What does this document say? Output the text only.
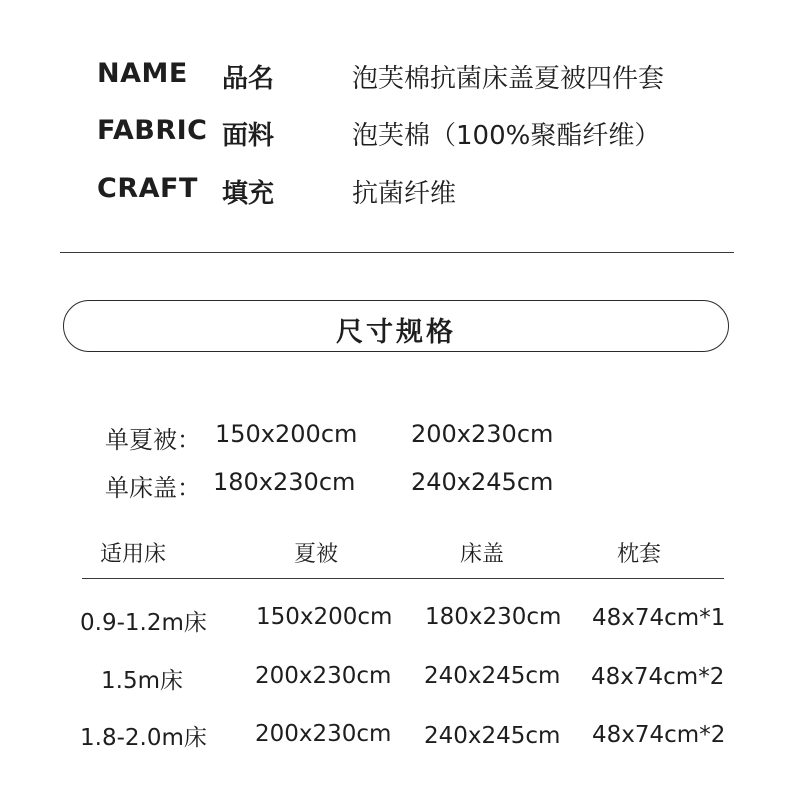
NAME 品名	泡芙棉抗菌床盖夏被四件套
FABRIC 面料	泡芙棉（100%聚酯纤维）
CRAFT 填充	抗菌纤维
尺寸规格
单夏被： 150x200cm 200x230cm
单床盖： 180x230cm 240x245cm
适用床	夏被	床盖	枕套
0.9-1.2m床 150x200cm 180x230cm 48x74cm*1
1.5m床	200x230cm 240x245cm 48x74cm*2
1.8-2.0m床 200x230cm 240x245cm 48x74cm*2
